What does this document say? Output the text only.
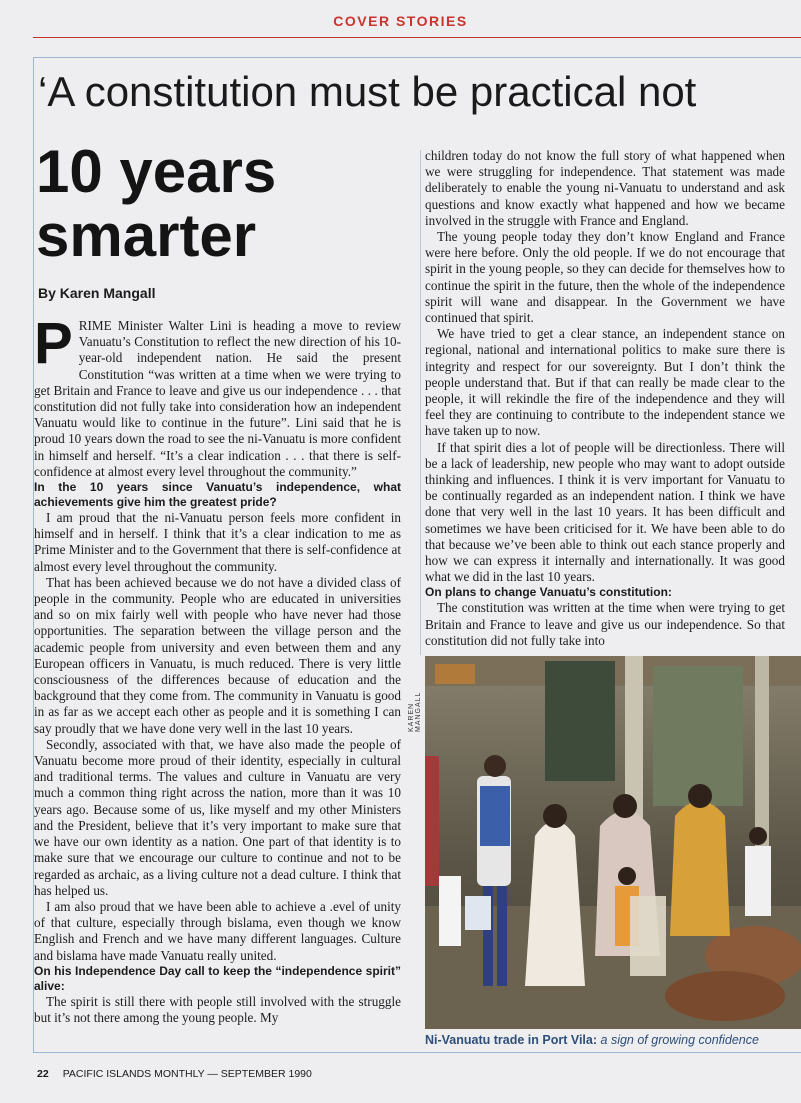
COVER STORIES
‘A constitution must be practical not
10 years smarter
By Karen Mangall

PRIME Minister Walter Lini is heading a move to review Vanuatu’s Constitution to reflect the new direction of his 10-year-old independent nation. He said the present Constitution “was written at a time when we were trying to get Britain and France to leave and give us our independence . . . that constitution did not fully take into consideration how an independent Vanuatu would like to continue in the future”. Lini said that he is proud 10 years down the road to see the ni-Vanuatu is more confident in himself and herself. “It’s a clear indication . . . that there is self-confidence at almost every level throughout the community.”

In the 10 years since Vanuatu’s independence, what achievements give him the greatest pride?

I am proud that the ni-Vanuatu person feels more confident in himself and in herself. I think that it’s a clear indication to me as Prime Minister and to the Government that there is self-confidence at almost every level throughout the community.

That has been achieved because we do not have a divided class of people in the community. People who are educated in universities and so on mix fairly well with people who have never had those opportunities. The separation between the village person and the academic people from university and even between them and any European officers in Vanuatu, is much reduced. There is very little consciousness of the differences because of education and the background that they come from. The community in Vanuatu is good in as far as we accept each other as people and it is something I can say proudly that we have done very well in the last 10 years.

Secondly, associated with that, we have also made the people of Vanuatu become more proud of their identity, especially in cultural and traditional terms. The values and culture in Vanuatu are very much a common thing right across the nation, more than it was 10 years ago. Because some of us, like myself and my other Ministers and the President, believe that it’s very important to make sure that we have our own identity as a nation. One part of that identity is to make sure that we encourage our culture to continue and not to be regarded as archaic, as a living culture not a dead culture. I think that has helped us.

I am also proud that we have been able to achieve a .evel of unity of that culture, especially through bislama, even though we know English and French and we have many different languages. Culture and bislama have made Vanuatu really united.

On his Independence Day call to keep the “independence spirit” alive:

The spirit is still there with people still involved with the struggle but it’s not there among the young people. My

children today do not know the full story of what happened when we were struggling for independence. That statement was made deliberately to enable the young ni-Vanuatu to understand and ask questions and know exactly what happened and how we became involved in the struggle with France and England.

The young people today they don’t know England and France were here before. Only the old people. If we do not encourage that spirit in the young people, so they can decide for themselves how to continue the spirit in the future, then the whole of the independence spirit will wane and disappear. In the Government we have continued that spirit.

We have tried to get a clear stance, an independent stance on regional, national and international politics to make sure there is integrity and respect for our sovereignty. But I don’t think the people understand that. But if that can really be made clear to the people, it will rekindle the fire of the independence and they will feel they are continuing to contribute to the independent stance we have taken up to now.

If that spirit dies a lot of people will be directionless. There will be a lack of leadership, new people who may want to adopt outside thinking and influences. I think it is verv important for Vanuatu to be continually regarded as an independent nation. I think we have done that very well in the last 10 years. It has been difficult and sometimes we have been criticised for it. We have been able to do that because we’ve been able to think out each stance properly and how we can express it internally and internationally. It was good what we did in the last 10 years.

On plans to change Vanuatu’s constitution:

The constitution was written at the time when were trying to get Britain and France to leave and give us our independence. So that constitution did not fully take into

KAREN MANGALL
Ni-Vanuatu trade in Port Vila: a sign of growing confidence
22 PACIFIC ISLANDS MONTHLY — SEPTEMBER 1990
